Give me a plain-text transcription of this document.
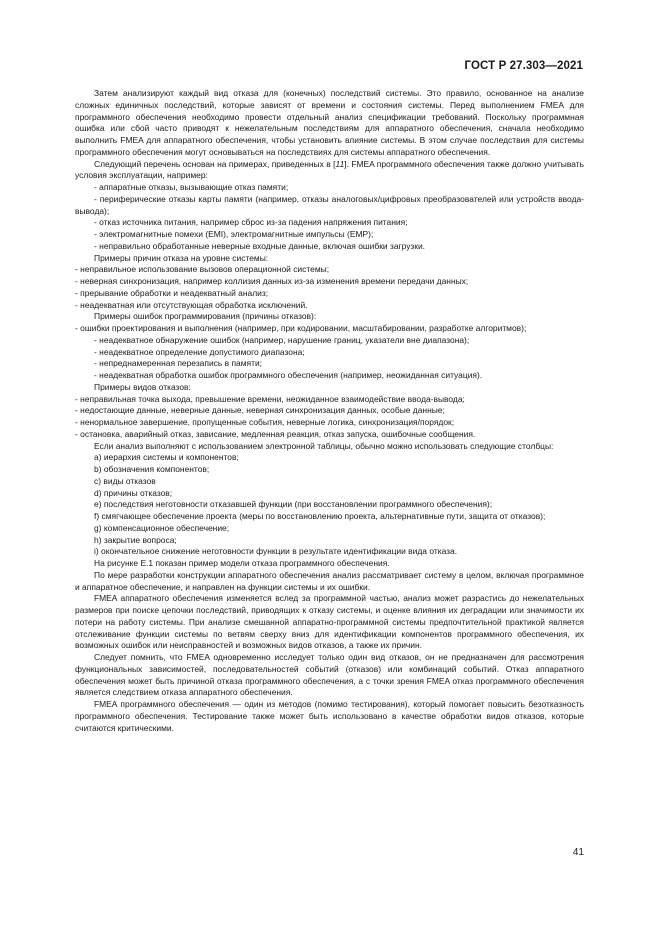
ГОСТ Р 27.303—2021

Затем анализируют каждый вид отказа для (конечных) последствий системы. Это правило, основанное на анализе сложных единичных последствий, которые зависят от времени и состояния системы. Перед выполнением FMEA для программного обеспечения необходимо провести отдельный анализ спецификации требований. Поскольку программная ошибка или сбой часто приводят к нежелательным последствиям для аппаратного обеспечения, сначала необходимо выполнить FMEA для аппаратного обеспечения, чтобы установить влияние системы. В этом случае последствия для системы программного обеспечения могут основываться на последствиях для системы аппаратного обеспечения.

Следующий перечень основан на примерах, приведенных в [11]. FMEA программного обеспечения также должно учитывать условия эксплуатации, например:

- аппаратные отказы, вызывающие отказ памяти;

- периферические отказы карты памяти (например, отказы аналоговых/цифровых преобразователей или устройств ввода-вывода);

- отказ источника питания, например сброс из-за падения напряжения питания;

- электромагнитные помехи (EMI), электромагнитные импульсы (EMP);

- неправильно обработанные неверные входные данные, включая ошибки загрузки.

Примеры причин отказа на уровне системы:

- неправильное использование вызовов операционной системы;

- неверная синхронизация, например коллизия данных из-за изменения времени передачи данных;

- прерывание обработки и неадекватный анализ;

- неадекватная или отсутствующая обработка исключений.

Примеры ошибок программирования (причины отказов):

- ошибки проектирования и выполнения (например, при кодировании, масштабировании, разработке алгоритмов);

- неадекватное обнаружение ошибок (например, нарушение границ, указатели вне диапазона);

- неадекватное определение допустимого диапазона;

- непреднамеренная перезапись в памяти;

- неадекватная обработка ошибок программного обеспечения (например, неожиданная ситуация).

Примеры видов отказов:

- неправильная точка выхода, превышение времени, неожиданное взаимодействие ввода-вывода;

- недостающие данные, неверные данные, неверная синхронизация данных, особые данные;

- ненормальное завершение, пропущенные события, неверные логика, синхронизация/порядок;

- остановка, аварийный отказ, зависание, медленная реакция, отказ запуска, ошибочные сообщения.

Если анализ выполняют с использованием электронной таблицы, обычно можно использовать следующие столбцы:

a) иерархия системы и компонентов;

b) обозначения компонентов;

c) виды отказов

d) причины отказов;

e) последствия неготовности отказавшей функции (при восстановлении программного обеспечения);

f) смягчающее обеспечение проекта (меры по восстановлению проекта, альтернативные пути, защита от отказов);

g) компенсационное обеспечение;

h) закрытие вопроса;

i) окончательное снижение неготовности функции в результате идентификации вида отказа.

На рисунке Е.1 показан пример модели отказа программного обеспечения.

По мере разработки конструкции аппаратного обеспечения анализ рассматривает систему в целом, включая программное и аппаратное обеспечение, и направлен на функции системы и их ошибки.

FMEA аппаратного обеспечения изменяется вслед за программной частью, анализ может разрастись до нежелательных размеров при поиске цепочки последствий, приводящих к отказу системы, и оценке влияния их деградации или значимости их потери на работу системы. При анализе смешанной аппаратно-программной системы предпочтительной практикой является отслеживание функции системы по ветвям сверху вниз для идентификации компонентов программного обеспечения, их возможных ошибок или неисправностей и возможных видов отказов, а также их причин.

Следует помнить, что FMEA одновременно исследует только один вид отказов, он не предназначен для рассмотрения функциональных зависимостей, последовательностей событий (отказов) или комбинаций событий. Отказ аппаратного обеспечения может быть причиной отказа программного обеспечения, а с точки зрения FMEA отказ программного обеспечения является следствием отказа аппаратного обеспечения.

FMEA программного обеспечения — один из методов (помимо тестирования), который помогает повысить безотказность программного обеспечения. Тестирование также может быть использовано в качестве обработки видов отказов, которые считаются критическими.

41
